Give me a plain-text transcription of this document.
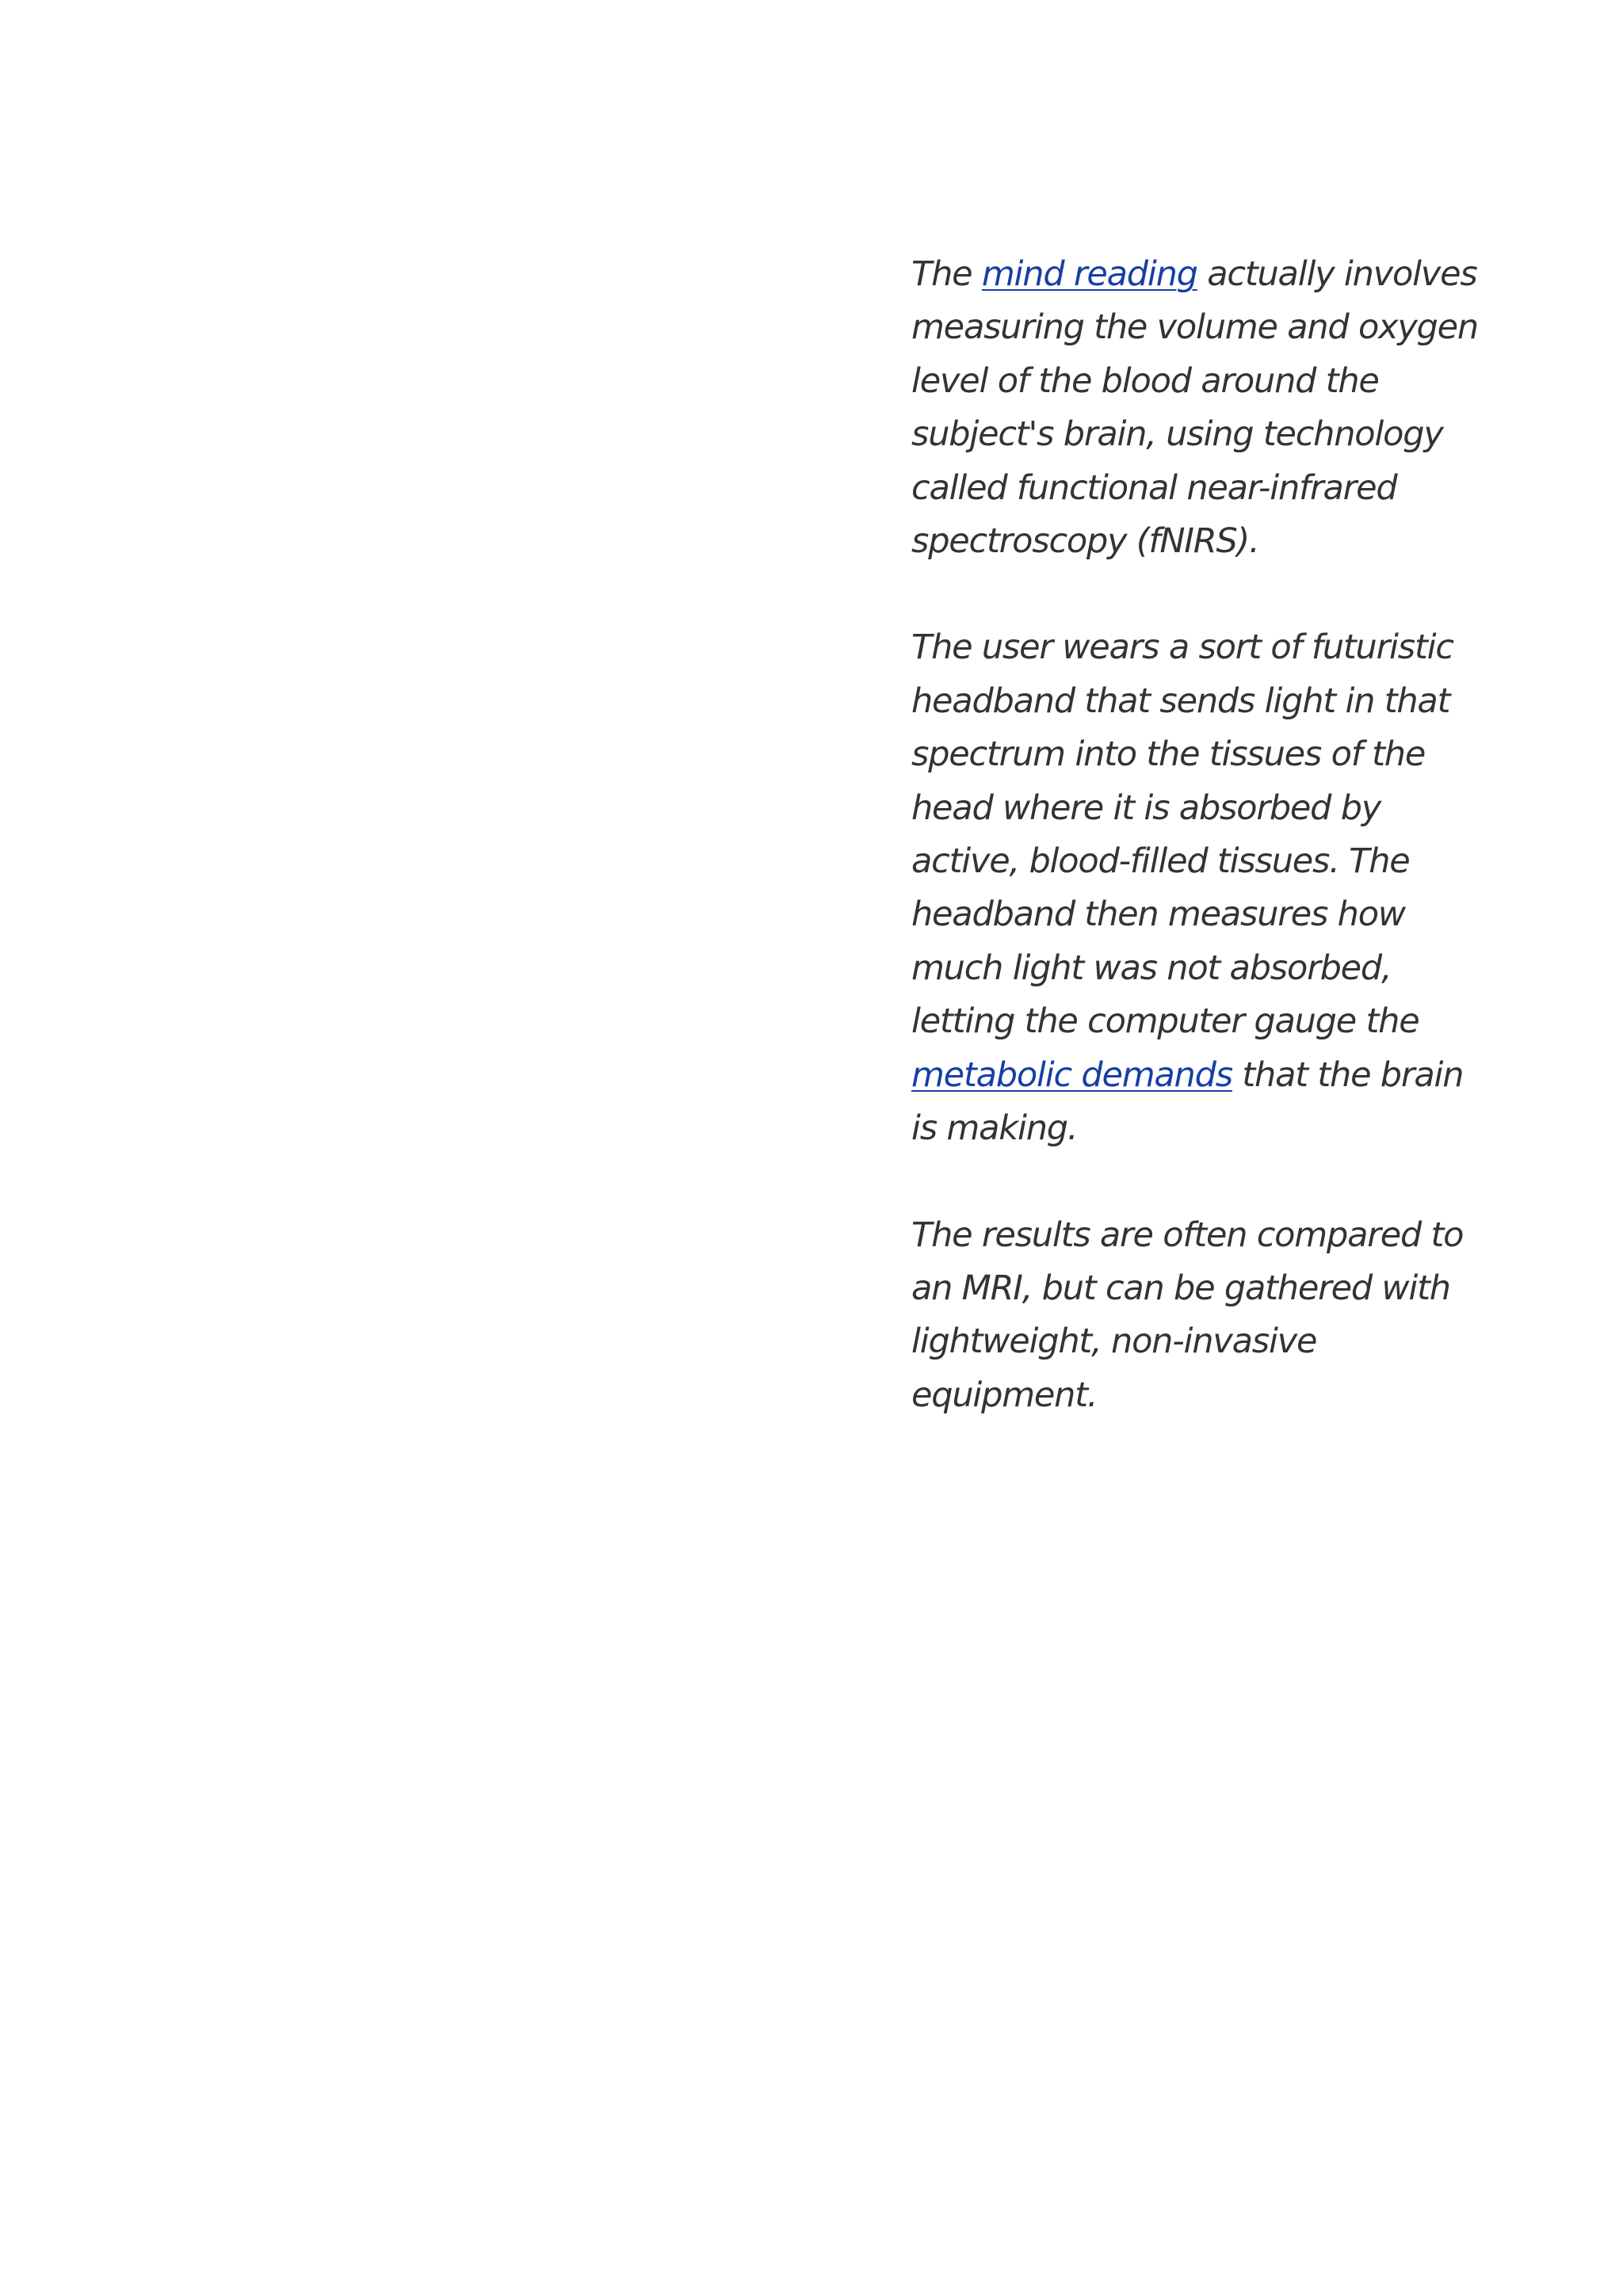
The mind reading actually involves measuring the volume and oxygen level of the blood around the subject's brain, using technology called functional near-infrared spectroscopy (fNIRS).

The user wears a sort of futuristic headband that sends light in that spectrum into the tissues of the head where it is absorbed by active, blood-filled tissues. The headband then measures how much light was not absorbed, letting the computer gauge the metabolic demands that the brain is making.

The results are often compared to an MRI, but can be gathered with lightweight, non-invasive equipment.
